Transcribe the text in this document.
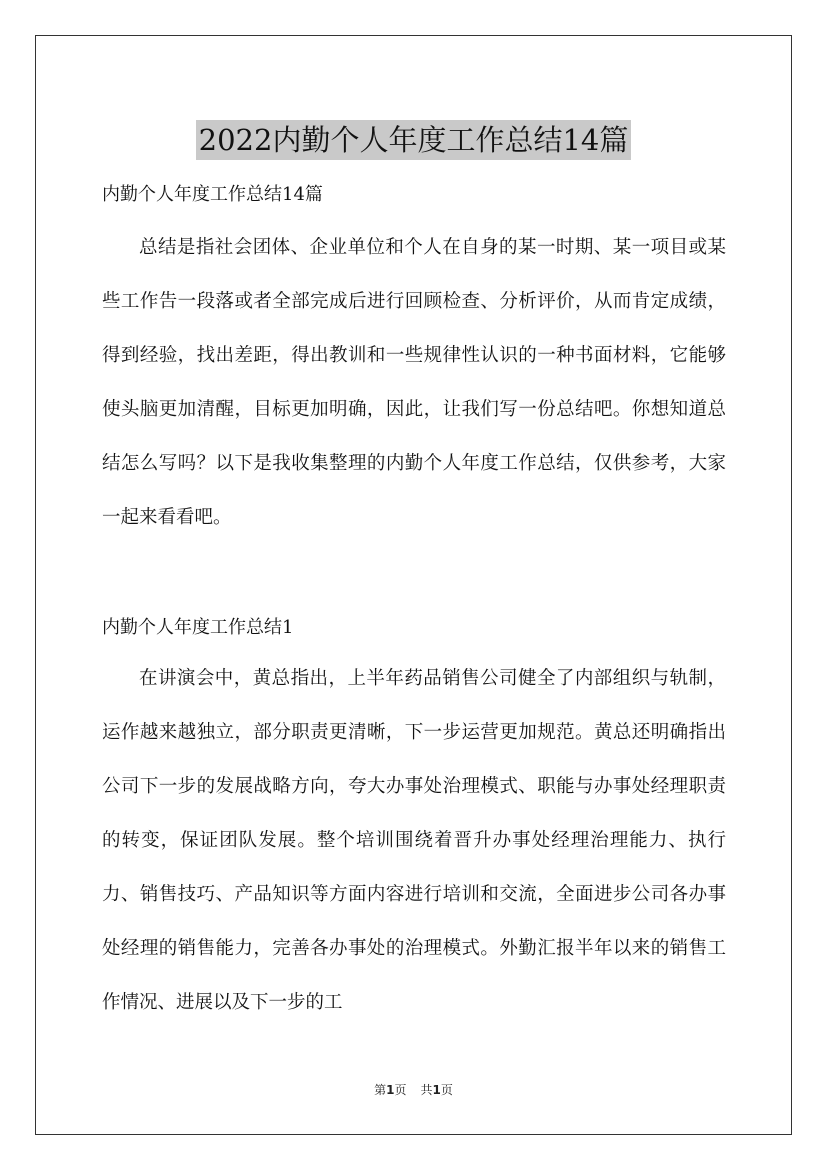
2022内勤个人年度工作总结14篇
内勤个人年度工作总结14篇

总结是指社会团体、企业单位和个人在自身的某一时期、某一项目或某些工作告一段落或者全部完成后进行回顾检查、分析评价，从而肯定成绩，得到经验，找出差距，得出教训和一些规律性认识的一种书面材料，它能够使头脑更加清醒，目标更加明确，因此，让我们写一份总结吧。你想知道总结怎么写吗？以下是我收集整理的内勤个人年度工作总结，仅供参考，大家一起来看看吧。

内勤个人年度工作总结1

在讲演会中，黄总指出，上半年药品销售公司健全了内部组织与轨制，运作越来越独立，部分职责更清晰，下一步运营更加规范。黄总还明确指出公司下一步的发展战略方向，夸大办事处治理模式、职能与办事处经理职责的转变，保证团队发展。整个培训围绕着晋升办事处经理治理能力、执行力、销售技巧、产品知识等方面内容进行培训和交流，全面进步公司各办事处经理的销售能力，完善各办事处的治理模式。外勤汇报半年以来的销售工作情况、进展以及下一步的工

第1页 共1页
